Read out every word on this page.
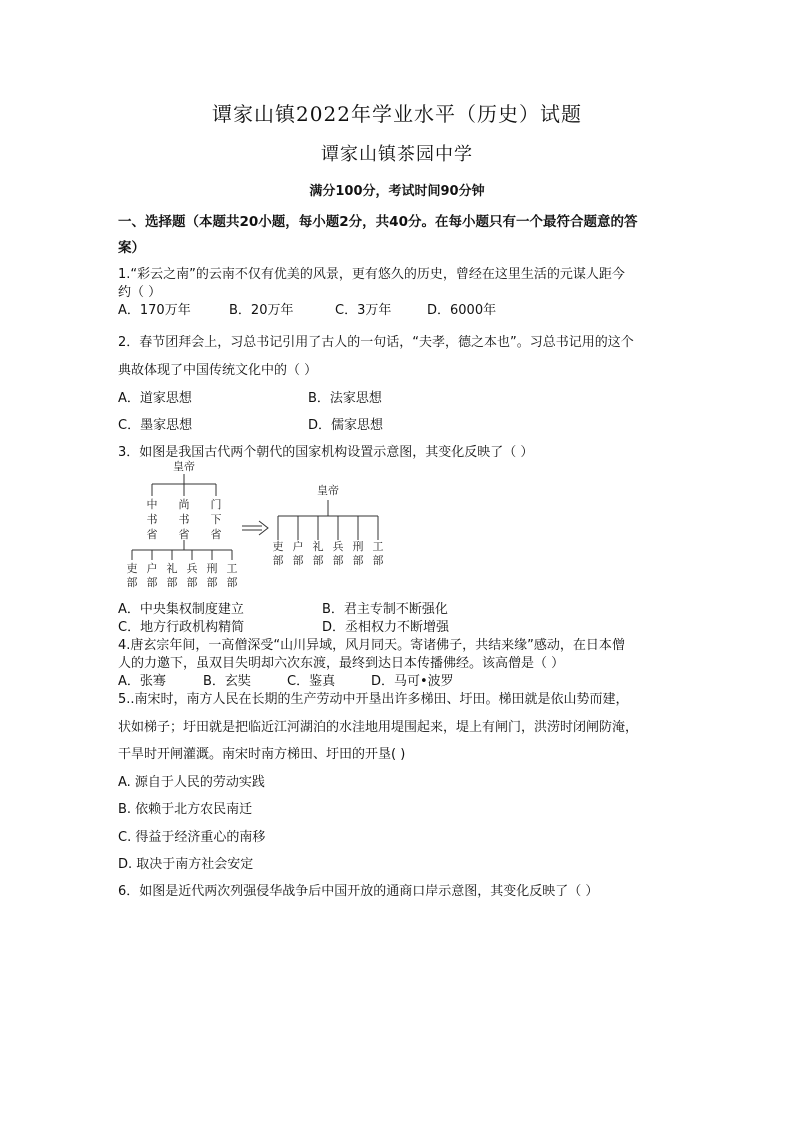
谭家山镇2022年学业水平（历史）试题
谭家山镇茶园中学
满分100分，考试时间90分钟
一、选择题（本题共20小题，每小题2分，共40分。在每小题只有一个最符合题意的答
案）
1.“彩云之南”的云南不仅有优美的风景，更有悠久的历史，曾经在这里生活的元谋人距今
约（ ）
A．170万年	B．20万年	C．3万年	D．6000年
2．春节团拜会上，习总书记引用了古人的一句话，“夫孝，德之本也”。习总书记用的这个
典故体现了中国传统文化中的（ ）
A．道家思想	B．法家思想
C．墨家思想	D．儒家思想
3．如图是我国古代两个朝代的国家机构设置示意图，其变化反映了（ ）
皇帝
中书省
尚书省
门下省
吏部
户部
礼部
兵部
刑部
工部
皇帝
吏部
户部
礼部
兵部
刑部
工部
A．中央集权制度建立	B．君主专制不断强化
C．地方行政机构精简	D．丞相权力不断增强
4.唐玄宗年间，一高僧深受“山川异域，风月同天。寄诸佛子，共结来缘”感动，在日本僧
人的力邀下，虽双目失明却六次东渡，最终到达日本传播佛经。该高僧是（ ）
A．张骞	B．玄奘	C．鉴真	D．马可•波罗
5..南宋时，南方人民在长期的生产劳动中开垦出许多梯田、圩田。梯田就是依山势而建，
状如梯子；圩田就是把临近江河湖泊的水洼地用堤围起来，堤上有闸门，洪涝时闭闸防淹，
干旱时开闸灌溉。南宋时南方梯田、圩田的开垦( )
A. 源自于人民的劳动实践
B. 依赖于北方农民南迁
C. 得益于经济重心的南移
D. 取决于南方社会安定
6．如图是近代两次列强侵华战争后中国开放的通商口岸示意图，其变化反映了（ ）
